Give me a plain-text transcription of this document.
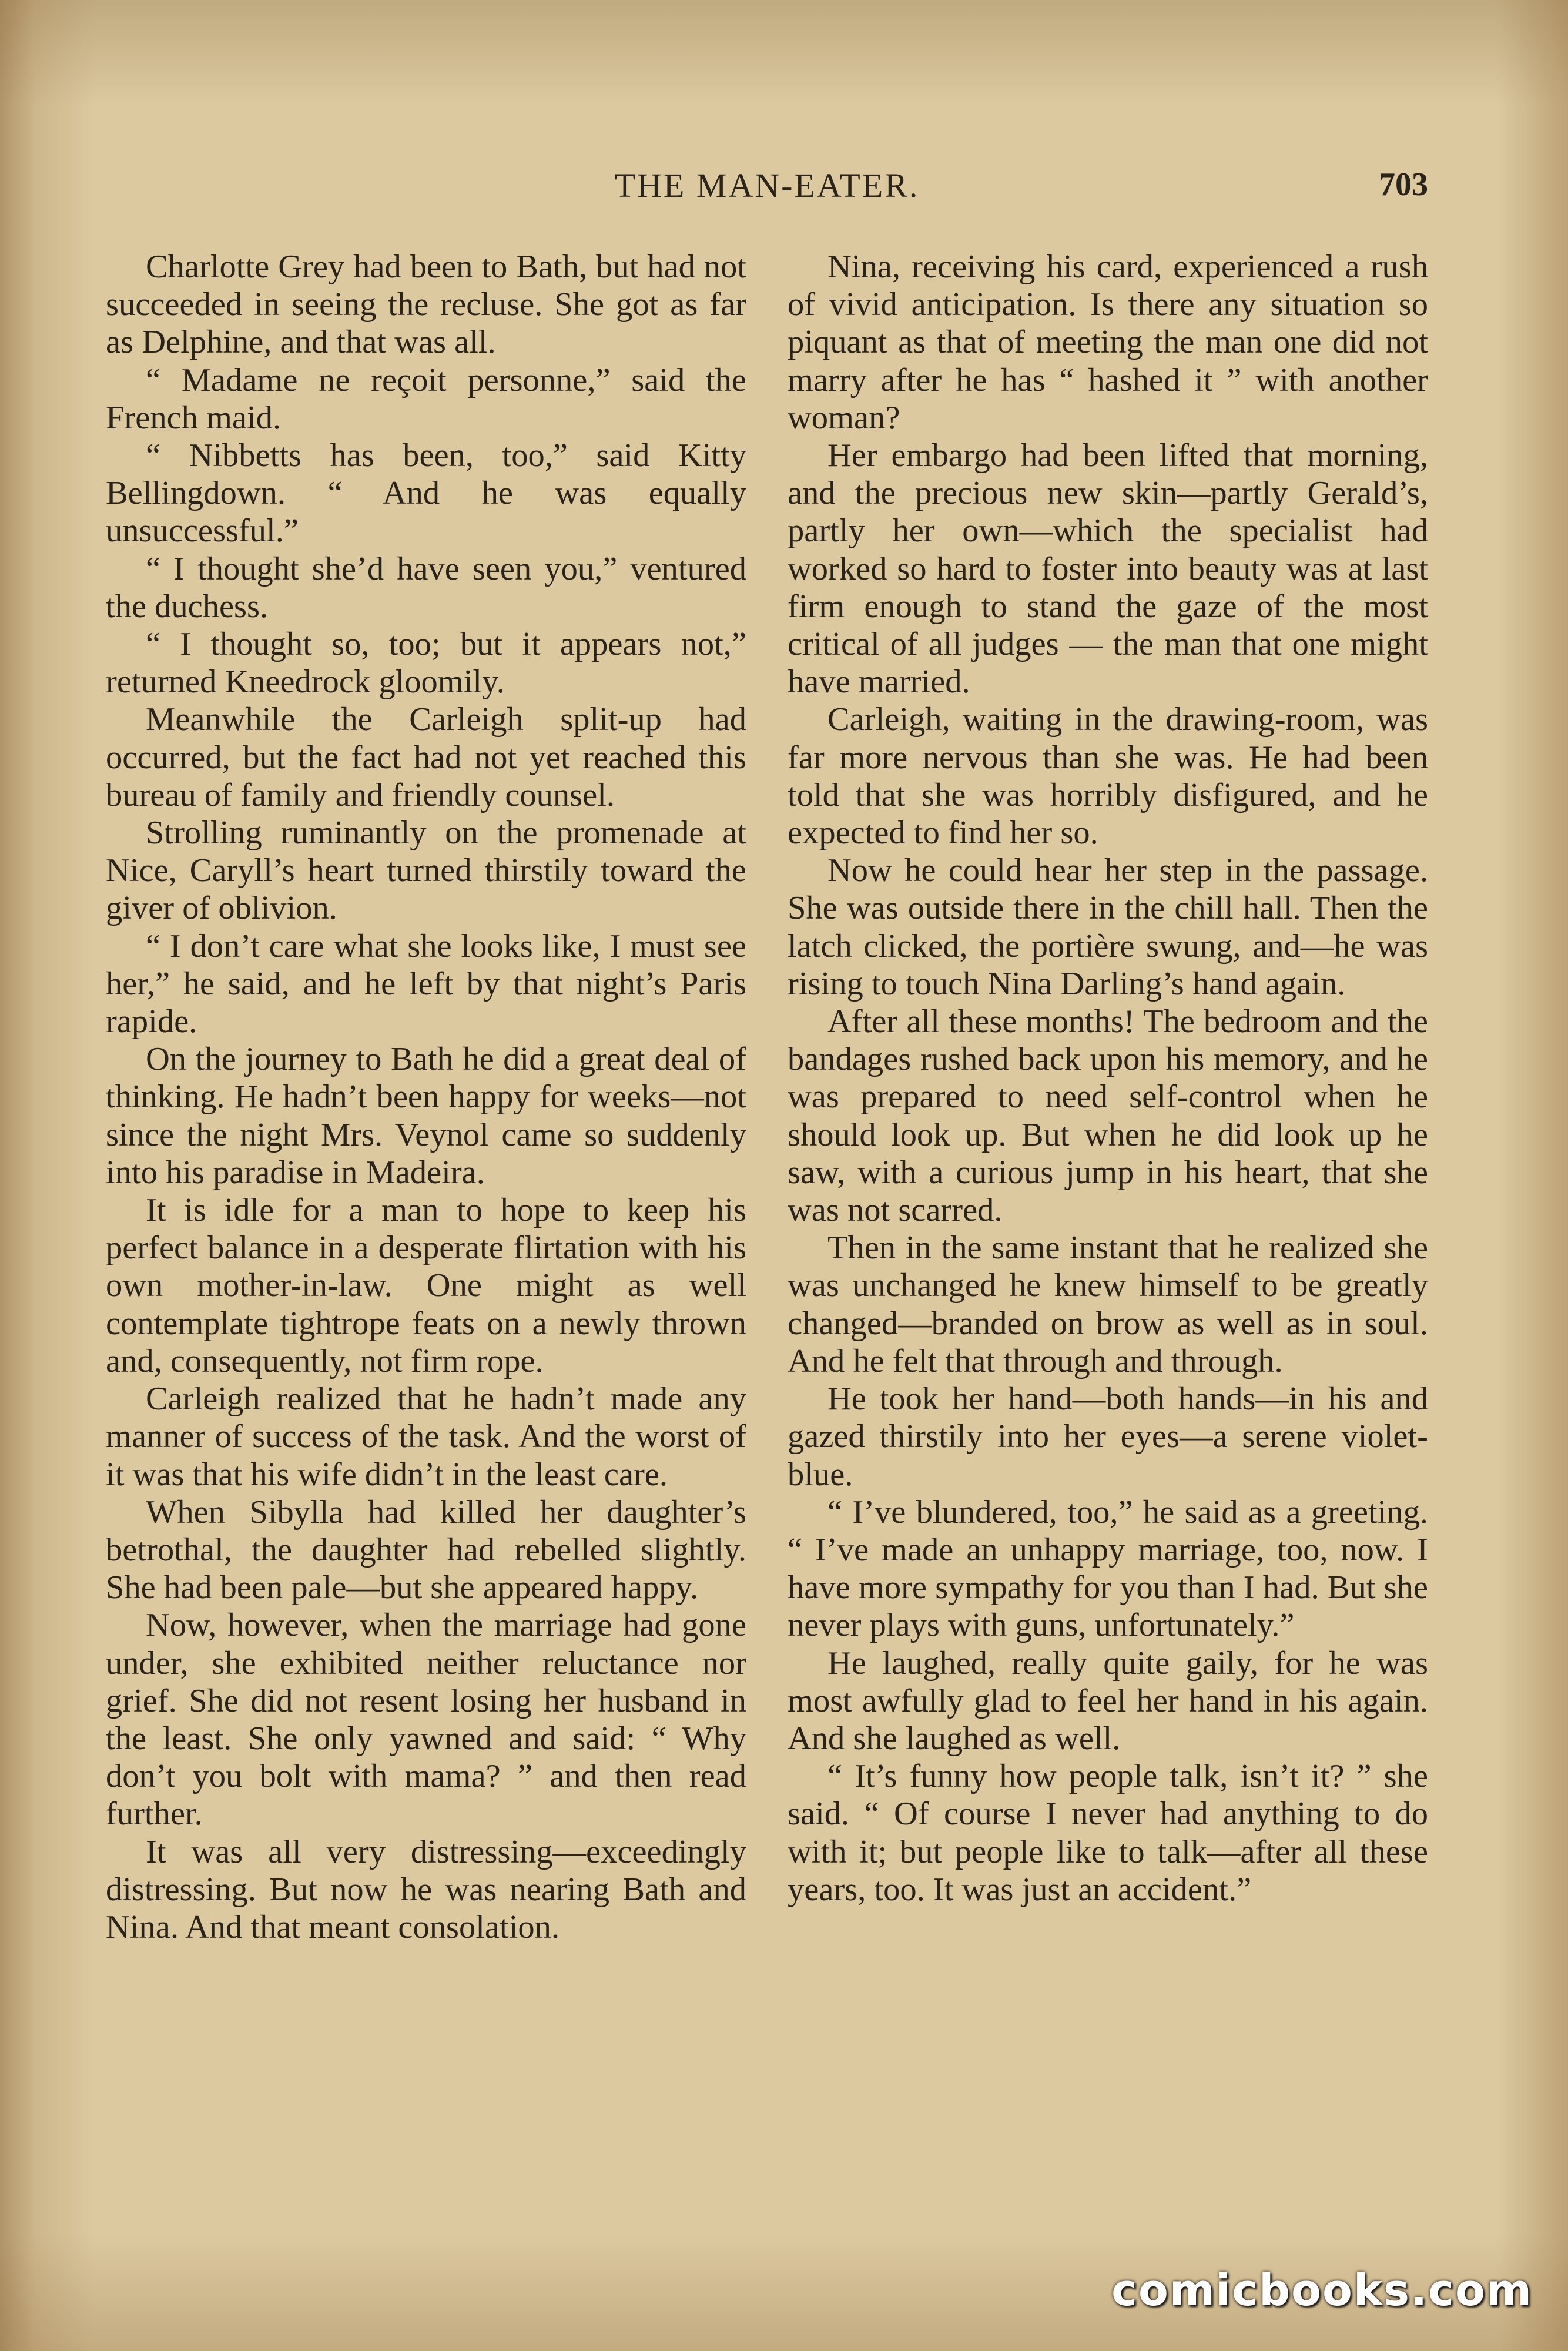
THE MAN-EATER.	703

Charlotte Grey had been to Bath, but had not succeeded in seeing the recluse. She got as far as Delphine, and that was all.

“ Madame ne reçoit personne,” said the French maid.

“ Nibbetts has been, too,” said Kitty Bellingdown. “ And he was equally unsuccessful.”

“ I thought she’d have seen you,” ventured the duchess.

“ I thought so, too; but it appears not,” returned Kneedrock gloomily.

Meanwhile the Carleigh split-up had occurred, but the fact had not yet reached this bureau of family and friendly counsel.

Strolling ruminantly on the promenade at Nice, Caryll’s heart turned thirstily toward the giver of oblivion.

“ I don’t care what she looks like, I must see her,” he said, and he left by that night’s Paris rapide.

On the journey to Bath he did a great deal of thinking. He hadn’t been happy for weeks—not since the night Mrs. Veynol came so suddenly into his paradise in Madeira.

It is idle for a man to hope to keep his perfect balance in a desperate flirtation with his own mother-in-law. One might as well contemplate tightrope feats on a newly thrown and, consequently, not firm rope.

Carleigh realized that he hadn’t made any manner of success of the task. And the worst of it was that his wife didn’t in the least care.

When Sibylla had killed her daughter’s betrothal, the daughter had rebelled slightly. She had been pale—but she appeared happy.

Now, however, when the marriage had gone under, she exhibited neither reluctance nor grief. She did not resent losing her husband in the least. She only yawned and said: “ Why don’t you bolt with mama? ” and then read further.

It was all very distressing—exceedingly distressing. But now he was nearing Bath and Nina. And that meant consolation.

Nina, receiving his card, experienced a rush of vivid anticipation. Is there any situation so piquant as that of meeting the man one did not marry after he has “ hashed it ” with another woman?

Her embargo had been lifted that morning, and the precious new skin—partly Gerald’s, partly her own—which the specialist had worked so hard to foster into beauty was at last firm enough to stand the gaze of the most critical of all judges — the man that one might have married.

Carleigh, waiting in the drawing-room, was far more nervous than she was. He had been told that she was horribly disfigured, and he expected to find her so.

Now he could hear her step in the passage. She was outside there in the chill hall. Then the latch clicked, the portière swung, and—he was rising to touch Nina Darling’s hand again.

After all these months! The bedroom and the bandages rushed back upon his memory, and he was prepared to need self-control when he should look up. But when he did look up he saw, with a curious jump in his heart, that she was not scarred.

Then in the same instant that he realized she was unchanged he knew himself to be greatly changed—branded on brow as well as in soul. And he felt that through and through.

He took her hand—both hands—in his and gazed thirstily into her eyes—a serene violet-blue.

“ I’ve blundered, too,” he said as a greeting. “ I’ve made an unhappy marriage, too, now. I have more sympathy for you than I had. But she never plays with guns, unfortunately.”

He laughed, really quite gaily, for he was most awfully glad to feel her hand in his again. And she laughed as well.

“ It’s funny how people talk, isn’t it? ” she said. “ Of course I never had anything to do with it; but people like to talk—after all these years, too. It was just an accident.”

comicbooks.com
